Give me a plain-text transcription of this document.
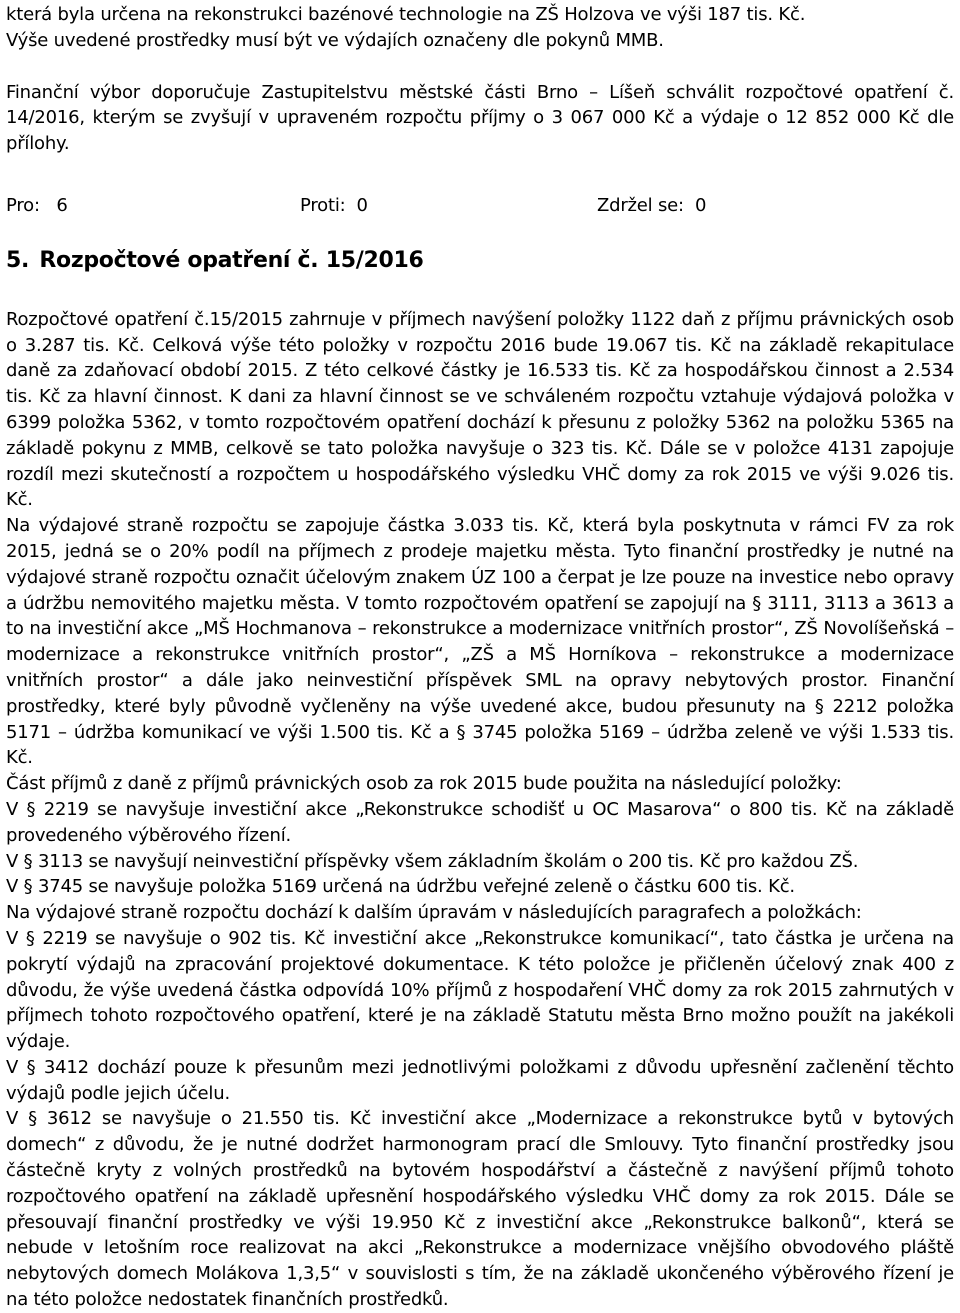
která byla určena na rekonstrukci bazénové technologie na ZŠ Holzova ve výši 187 tis. Kč.

Výše uvedené prostředky musí být ve výdajích označeny dle pokynů MMB.

Finanční výbor doporučuje Zastupitelstvu městské části Brno – Líšeň schválit rozpočtové opatření č. 14/2016, kterým se zvyšují v upraveném rozpočtu příjmy o 3 067 000 Kč a výdaje o 12 852 000 Kč dle přílohy.

Pro: 6	Proti: 0	Zdržel se: 0
5. Rozpočtové opatření č. 15/2016

Rozpočtové opatření č.15/2015 zahrnuje v příjmech navýšení položky 1122 daň z příjmu právnických osob o 3.287 tis. Kč. Celková výše této položky v rozpočtu 2016 bude 19.067 tis. Kč na základě rekapitulace daně za zdaňovací období 2015. Z této celkové částky je 16.533 tis. Kč za hospodářskou činnost a 2.534 tis. Kč za hlavní činnost. K dani za hlavní činnost se ve schváleném rozpočtu vztahuje výdajová položka v 6399 položka 5362, v tomto rozpočtovém opatření dochází k přesunu z položky 5362 na položku 5365 na základě pokynu z MMB, celkově se tato položka navyšuje o 323 tis. Kč. Dále se v položce 4131 zapojuje rozdíl mezi skutečností a rozpočtem u hospodářského výsledku VHČ domy za rok 2015 ve výši 9.026 tis. Kč.

Na výdajové straně rozpočtu se zapojuje částka 3.033 tis. Kč, která byla poskytnuta v rámci FV za rok 2015, jedná se o 20% podíl na příjmech z prodeje majetku města. Tyto finanční prostředky je nutné na výdajové straně rozpočtu označit účelovým znakem ÚZ 100 a čerpat je lze pouze na investice nebo opravy a údržbu nemovitého majetku města. V tomto rozpočtovém opatření se zapojují na § 3111, 3113 a 3613 a to na investiční akce „MŠ Hochmanova – rekonstrukce a modernizace vnitřních prostor“, ZŠ Novolíšeňská – modernizace a rekonstrukce vnitřních prostor“, „ZŠ a MŠ Horníkova – rekonstrukce a modernizace vnitřních prostor“ a dále jako neinvestiční příspěvek SML na opravy nebytových prostor. Finanční prostředky, které byly původně vyčleněny na výše uvedené akce, budou přesunuty na § 2212 položka 5171 – údržba komunikací ve výši 1.500 tis. Kč a § 3745 položka 5169 – údržba zeleně ve výši 1.533 tis. Kč.

Část příjmů z daně z příjmů právnických osob za rok 2015 bude použita na následující položky:

V § 2219 se navyšuje investiční akce „Rekonstrukce schodišť u OC Masarova“ o 800 tis. Kč na základě provedeného výběrového řízení.

V § 3113 se navyšují neinvestiční příspěvky všem základním školám o 200 tis. Kč pro každou ZŠ.

V § 3745 se navyšuje položka 5169 určená na údržbu veřejné zeleně o částku 600 tis. Kč.

Na výdajové straně rozpočtu dochází k dalším úpravám v následujících paragrafech a položkách:

V § 2219 se navyšuje o 902 tis. Kč investiční akce „Rekonstrukce komunikací“, tato částka je určena na pokrytí výdajů na zpracování projektové dokumentace. K této položce je přičleněn účelový znak 400 z důvodu, že výše uvedená částka odpovídá 10% příjmů z hospodaření VHČ domy za rok 2015 zahrnutých v příjmech tohoto rozpočtového opatření, které je na základě Statutu města Brno možno použít na jakékoli výdaje.

V § 3412 dochází pouze k přesunům mezi jednotlivými položkami z důvodu upřesnění začlenění těchto výdajů podle jejich účelu.

V § 3612 se navyšuje o 21.550 tis. Kč investiční akce „Modernizace a rekonstrukce bytů v bytových domech“ z důvodu, že je nutné dodržet harmonogram prací dle Smlouvy. Tyto finanční prostředky jsou částečně kryty z volných prostředků na bytovém hospodářství a částečně z navýšení příjmů tohoto rozpočtového opatření na základě upřesnění hospodářského výsledku VHČ domy za rok 2015. Dále se přesouvají finanční prostředky ve výši 19.950 Kč z investiční akce „Rekonstrukce balkonů“, která se nebude v letošním roce realizovat na akci „Rekonstrukce a modernizace vnějšího obvodového pláště nebytových domech Molákova 1,3,5“ v souvislosti s tím, že na základě ukončeného výběrového řízení je na této položce nedostatek finančních prostředků.
